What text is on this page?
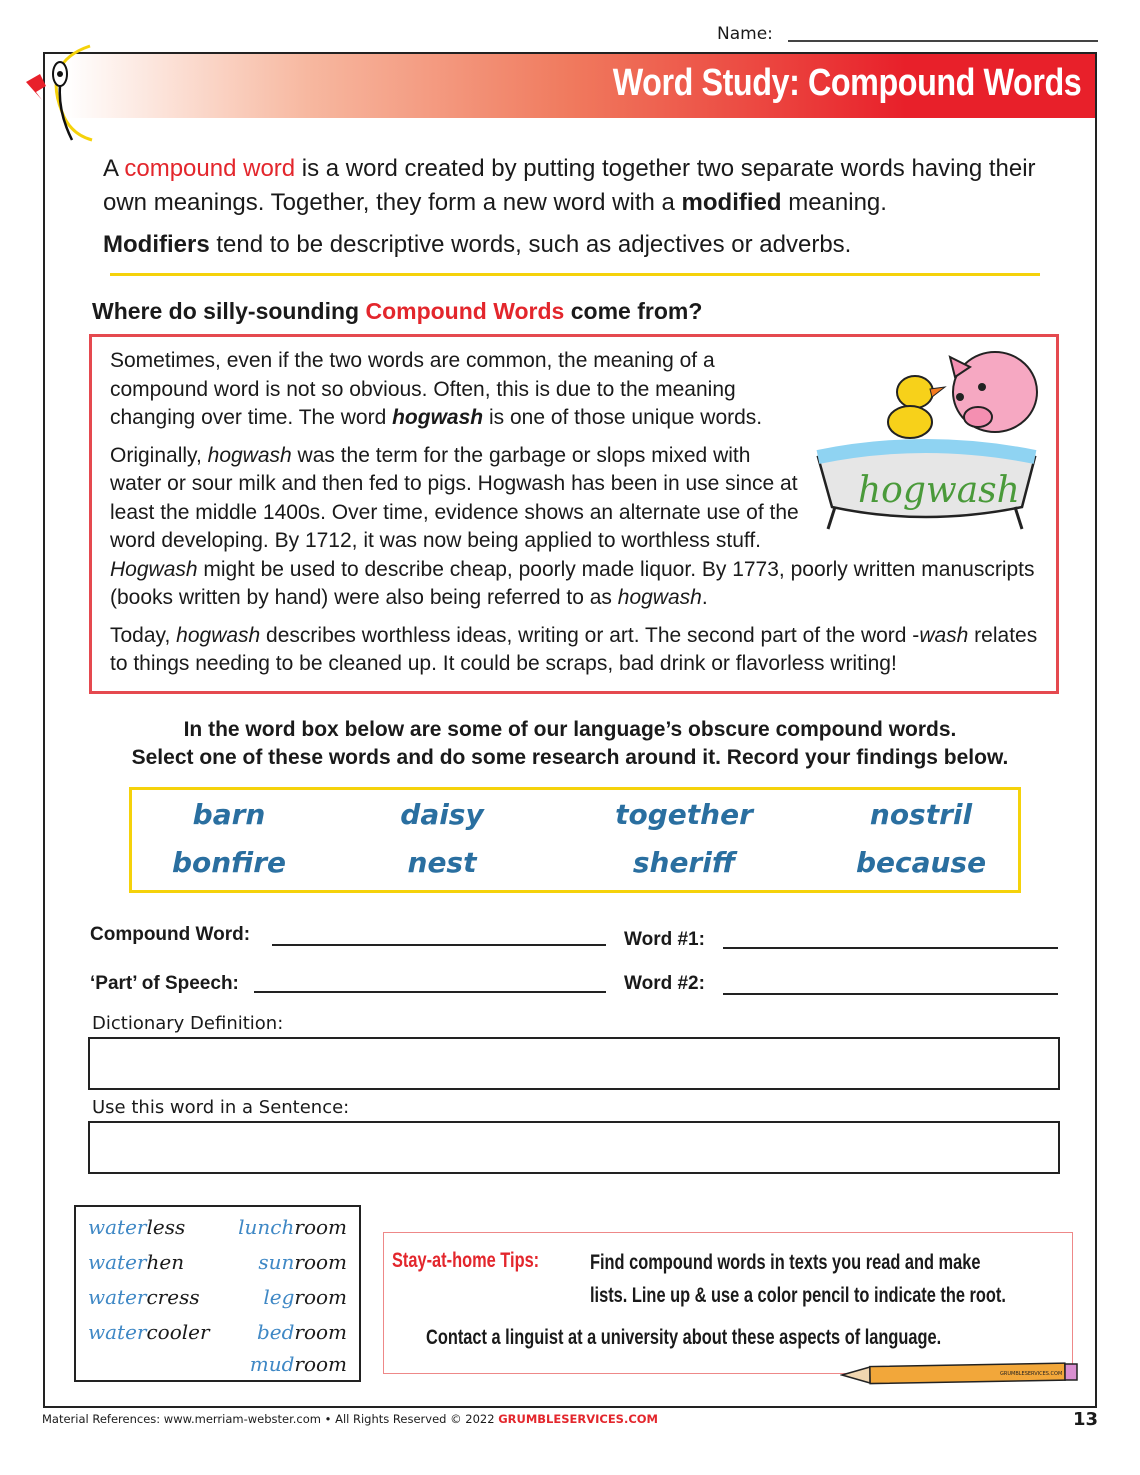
Name:
Word Study: Compound Words

A compound word is a word created by putting together two separate words having their own meanings. Together, they form a new word with a modified meaning.

Modifiers tend to be descriptive words, such as adjectives or adverbs.

Where do silly-sounding Compound Words come from?
hogwash

Sometimes, even if the two words are common, the meaning of a compound word is not so obvious. Often, this is due to the meaning changing over time. The word hogwash is one of those unique words.

Originally, hogwash was the term for the garbage or slops mixed with water or sour milk and then fed to pigs. Hogwash has been in use since at least the middle 1400s. Over time, evidence shows an alternate use of the word developing. By 1712, it was now being applied to worthless stuff. Hogwash might be used to describe cheap, poorly made liquor. By 1773, poorly written manuscripts (books written by hand) were also being referred to as hogwash.

Today, hogwash describes worthless ideas, writing or art. The second part of the word -wash relates to things needing to be cleaned up. It could be scraps, bad drink or flavorless writing!

In the word box below are some of our language’s obscure compound words.
Select one of these words and do some research around it. Record your findings below.
barn	daisy	together	nostril
bonfire	nest	sheriff	because
Compound Word:	Word #1:
‘Part’ of Speech:	Word #2:
Dictionary Definition:
Use this word in a Sentence:
waterless
waterhen
watercress
watercooler
lunchroom
sunroom
legroom
bedroom
mudroom
Stay-at-home Tips: Find compound words in texts you read and make
lists. Line up & use a color pencil to indicate the root.
Contact a linguist at a university about these aspects of language.
GRUMBLESERVICES.COM
Material References: www.merriam-webster.com • All Rights Reserved © 2022 GRUMBLESERVICES.COM	13
